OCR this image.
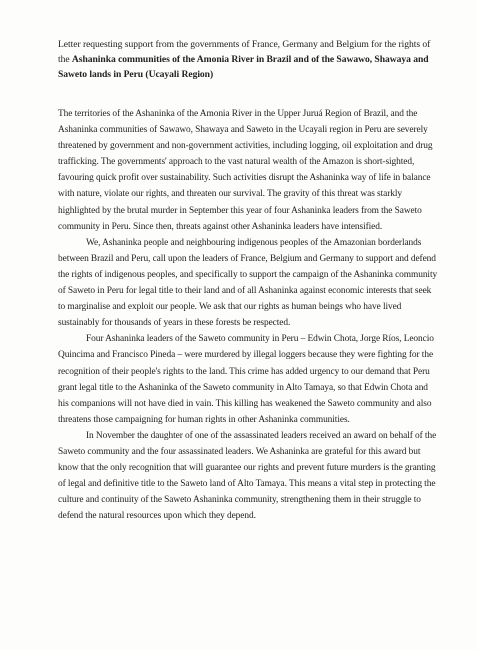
Letter requesting support from the governments of France, Germany and Belgium for the rights of the Ashaninka communities of the Amonia River in Brazil and of the Sawawo, Shawaya and Saweto lands in Peru (Ucayali Region)

The territories of the Ashaninka of the Amonia River in the Upper Juruá Region of Brazil, and the Ashaninka communities of Sawawo, Shawaya and Saweto in the Ucayali region in Peru are severely threatened by government and non-government activities, including logging, oil exploitation and drug trafficking. The governments' approach to the vast natural wealth of the Amazon is short-sighted, favouring quick profit over sustainability. Such activities disrupt the Ashaninka way of life in balance with nature, violate our rights, and threaten our survival. The gravity of this threat was starkly highlighted by the brutal murder in September this year of four Ashaninka leaders from the Saweto community in Peru. Since then, threats against other Ashaninka leaders have intensified.

We, Ashaninka people and neighbouring indigenous peoples of the Amazonian borderlands between Brazil and Peru, call upon the leaders of France, Belgium and Germany to support and defend the rights of indigenous peoples, and specifically to support the campaign of the Ashaninka community of Saweto in Peru for legal title to their land and of all Ashaninka against economic interests that seek to marginalise and exploit our people. We ask that our rights as human beings who have lived sustainably for thousands of years in these forests be respected.

Four Ashaninka leaders of the Saweto community in Peru – Edwin Chota, Jorge Ríos, Leoncio Quincima and Francisco Pineda – were murdered by illegal loggers because they were fighting for the recognition of their people's rights to the land. This crime has added urgency to our demand that Peru grant legal title to the Ashaninka of the Saweto community in Alto Tamaya, so that Edwin Chota and his companions will not have died in vain. This killing has weakened the Saweto community and also threatens those campaigning for human rights in other Ashaninka communities.

In November the daughter of one of the assassinated leaders received an award on behalf of the Saweto community and the four assassinated leaders. We Ashaninka are grateful for this award but know that the only recognition that will guarantee our rights and prevent future murders is the granting of legal and definitive title to the Saweto land of Alto Tamaya. This means a vital step in protecting the culture and continuity of the Saweto Ashaninka community, strengthening them in their struggle to defend the natural resources upon which they depend.
